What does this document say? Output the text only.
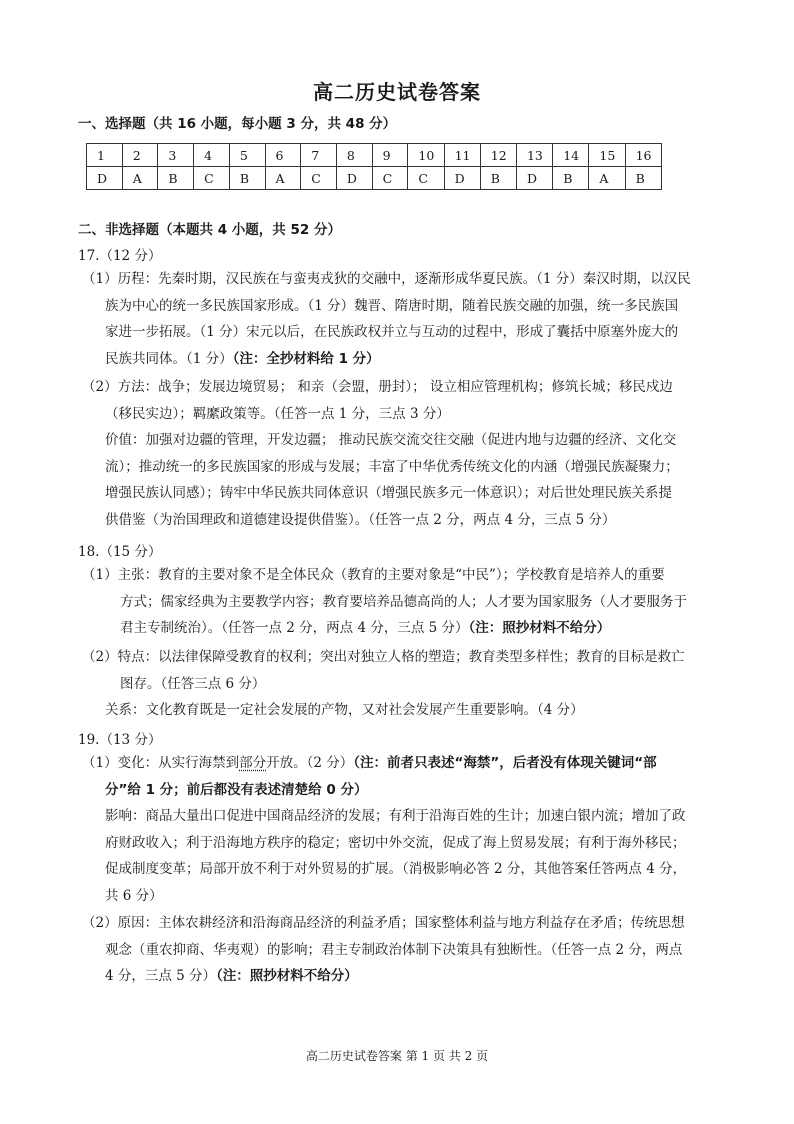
高二历史试卷答案
一、选择题（共 16 小题，每小题 3 分，共 48 分）
1	2	3	4	5	6	7	8	9	10	11	12	13	14	15	16
D	A	B	C	B	A	C	D	C	C	D	B	D	B	A	B
二、非选择题（本题共 4 小题，共 52 分）
17.（12 分）
（1）历程：先秦时期，汉民族在与蛮夷戎狄的交融中，逐渐形成华夏民族。（1 分）秦汉时期，以汉民
族为中心的统一多民族国家形成。（1 分）魏晋、隋唐时期，随着民族交融的加强，统一多民族国
家进一步拓展。（1 分）宋元以后，在民族政权并立与互动的过程中，形成了囊括中原塞外庞大的
民族共同体。（1 分）（注：全抄材料给 1 分）
（2）方法：战争；发展边境贸易； 和亲（会盟，册封）； 设立相应管理机构；修筑长城；移民戍边
（移民实边）；羁縻政策等。（任答一点 1 分，三点 3 分）
价值：加强对边疆的管理，开发边疆； 推动民族交流交往交融（促进内地与边疆的经济、文化交
流）；推动统一的多民族国家的形成与发展；丰富了中华优秀传统文化的内涵（增强民族凝聚力；
增强民族认同感）；铸牢中华民族共同体意识（增强民族多元一体意识）；对后世处理民族关系提
供借鉴（为治国理政和道德建设提供借鉴）。（任答一点 2 分，两点 4 分，三点 5 分）
18.（15 分）
（1）主张：教育的主要对象不是全体民众（教育的主要对象是“中民”）；学校教育是培养人的重要
方式；儒家经典为主要教学内容；教育要培养品德高尚的人；人才要为国家服务（人才要服务于
君主专制统治）。（任答一点 2 分，两点 4 分，三点 5 分）（注：照抄材料不给分）
（2）特点：以法律保障受教育的权利；突出对独立人格的塑造；教育类型多样性；教育的目标是救亡
图存。（任答三点 6 分）
关系：文化教育既是一定社会发展的产物，又对社会发展产生重要影响。（4 分）
19.（13 分）
（1）变化：从实行海禁到部分开放。（2 分）（注：前者只表述“海禁”，后者没有体现关键词“部
分”给 1 分；前后都没有表述清楚给 0 分）
影响：商品大量出口促进中国商品经济的发展；有利于沿海百姓的生计；加速白银内流；增加了政
府财政收入；利于沿海地方秩序的稳定；密切中外交流，促成了海上贸易发展；有利于海外移民；
促成制度变革；局部开放不利于对外贸易的扩展。（消极影响必答 2 分，其他答案任答两点 4 分，
共 6 分）
（2）原因：主体农耕经济和沿海商品经济的利益矛盾；国家整体利益与地方利益存在矛盾；传统思想
观念（重农抑商、华夷观）的影响；君主专制政治体制下决策具有独断性。（任答一点 2 分，两点
4 分，三点 5 分）（注：照抄材料不给分）
高二历史试卷答案 第 1 页 共 2 页
